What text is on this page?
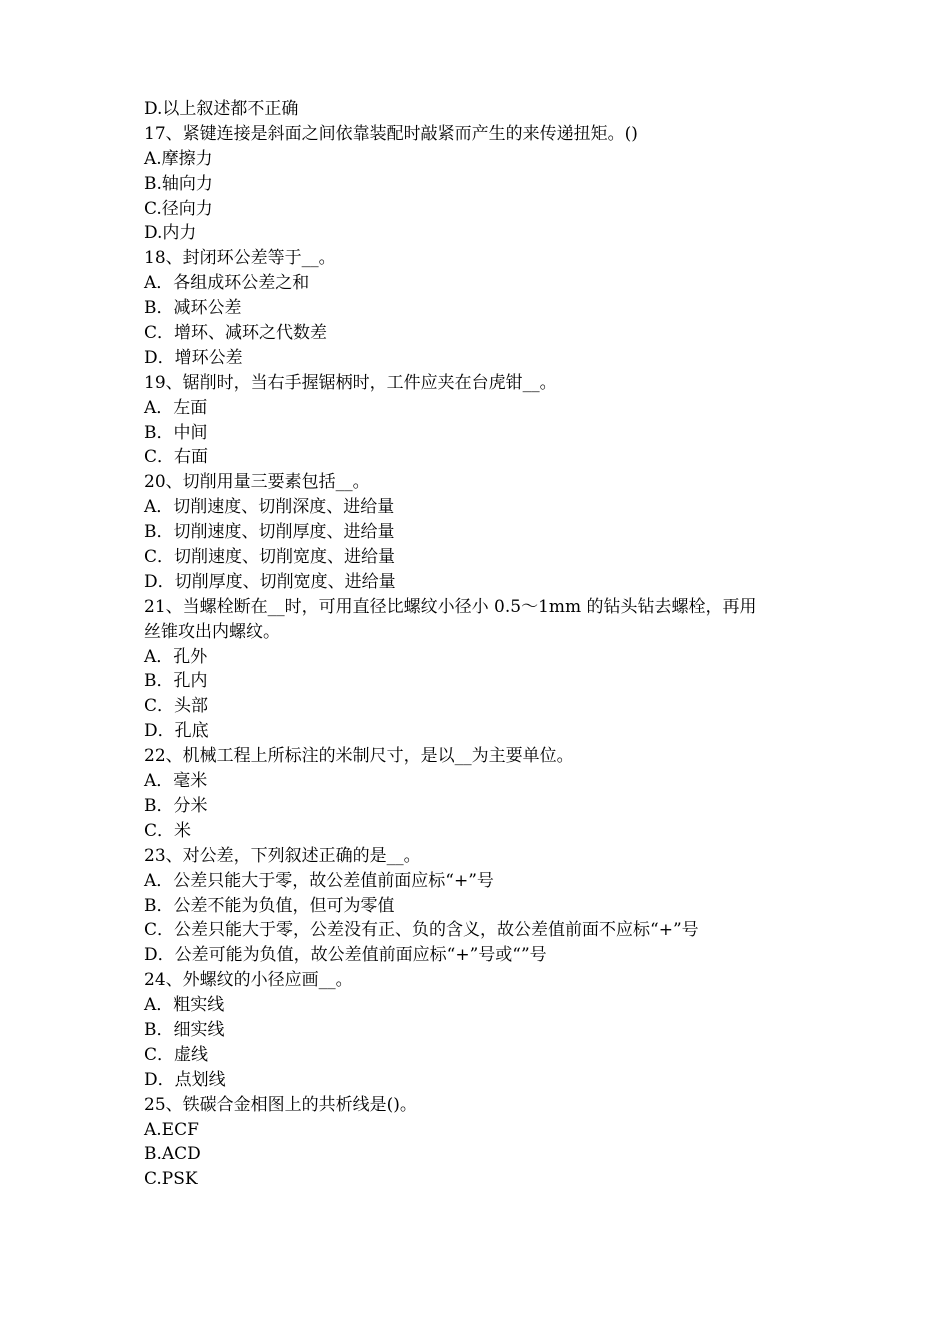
D.以上叙述都不正确
17、紧键连接是斜面之间依靠装配时敲紧而产生的来传递扭矩。()
A.摩擦力
B.轴向力
C.径向力
D.内力
18、封闭环公差等于__。
A．各组成环公差之和
B．减环公差
C．增环、减环之代数差
D．增环公差
19、锯削时，当右手握锯柄时，工件应夹在台虎钳__。
A．左面
B．中间
C．右面
20、切削用量三要素包括__。
A．切削速度、切削深度、进给量
B．切削速度、切削厚度、进给量
C．切削速度、切削宽度、进给量
D．切削厚度、切削宽度、进给量
21、当螺栓断在__时，可用直径比螺纹小径小 0.5～1mm 的钻头钻去螺栓，再用
丝锥攻出内螺纹。
A．孔外
B．孔内
C．头部
D．孔底
22、机械工程上所标注的米制尺寸，是以__为主要单位。
A．毫米
B．分米
C．米
23、对公差，下列叙述正确的是__。
A．公差只能大于零，故公差值前面应标“+”号
B．公差不能为负值，但可为零值
C．公差只能大于零，公差没有正、负的含义，故公差值前面不应标“+”号
D．公差可能为负值，故公差值前面应标“+”号或“”号
24、外螺纹的小径应画__。
A．粗实线
B．细实线
C．虚线
D．点划线
25、铁碳合金相图上的共析线是()。
A.ECF
B.ACD
C.PSK
